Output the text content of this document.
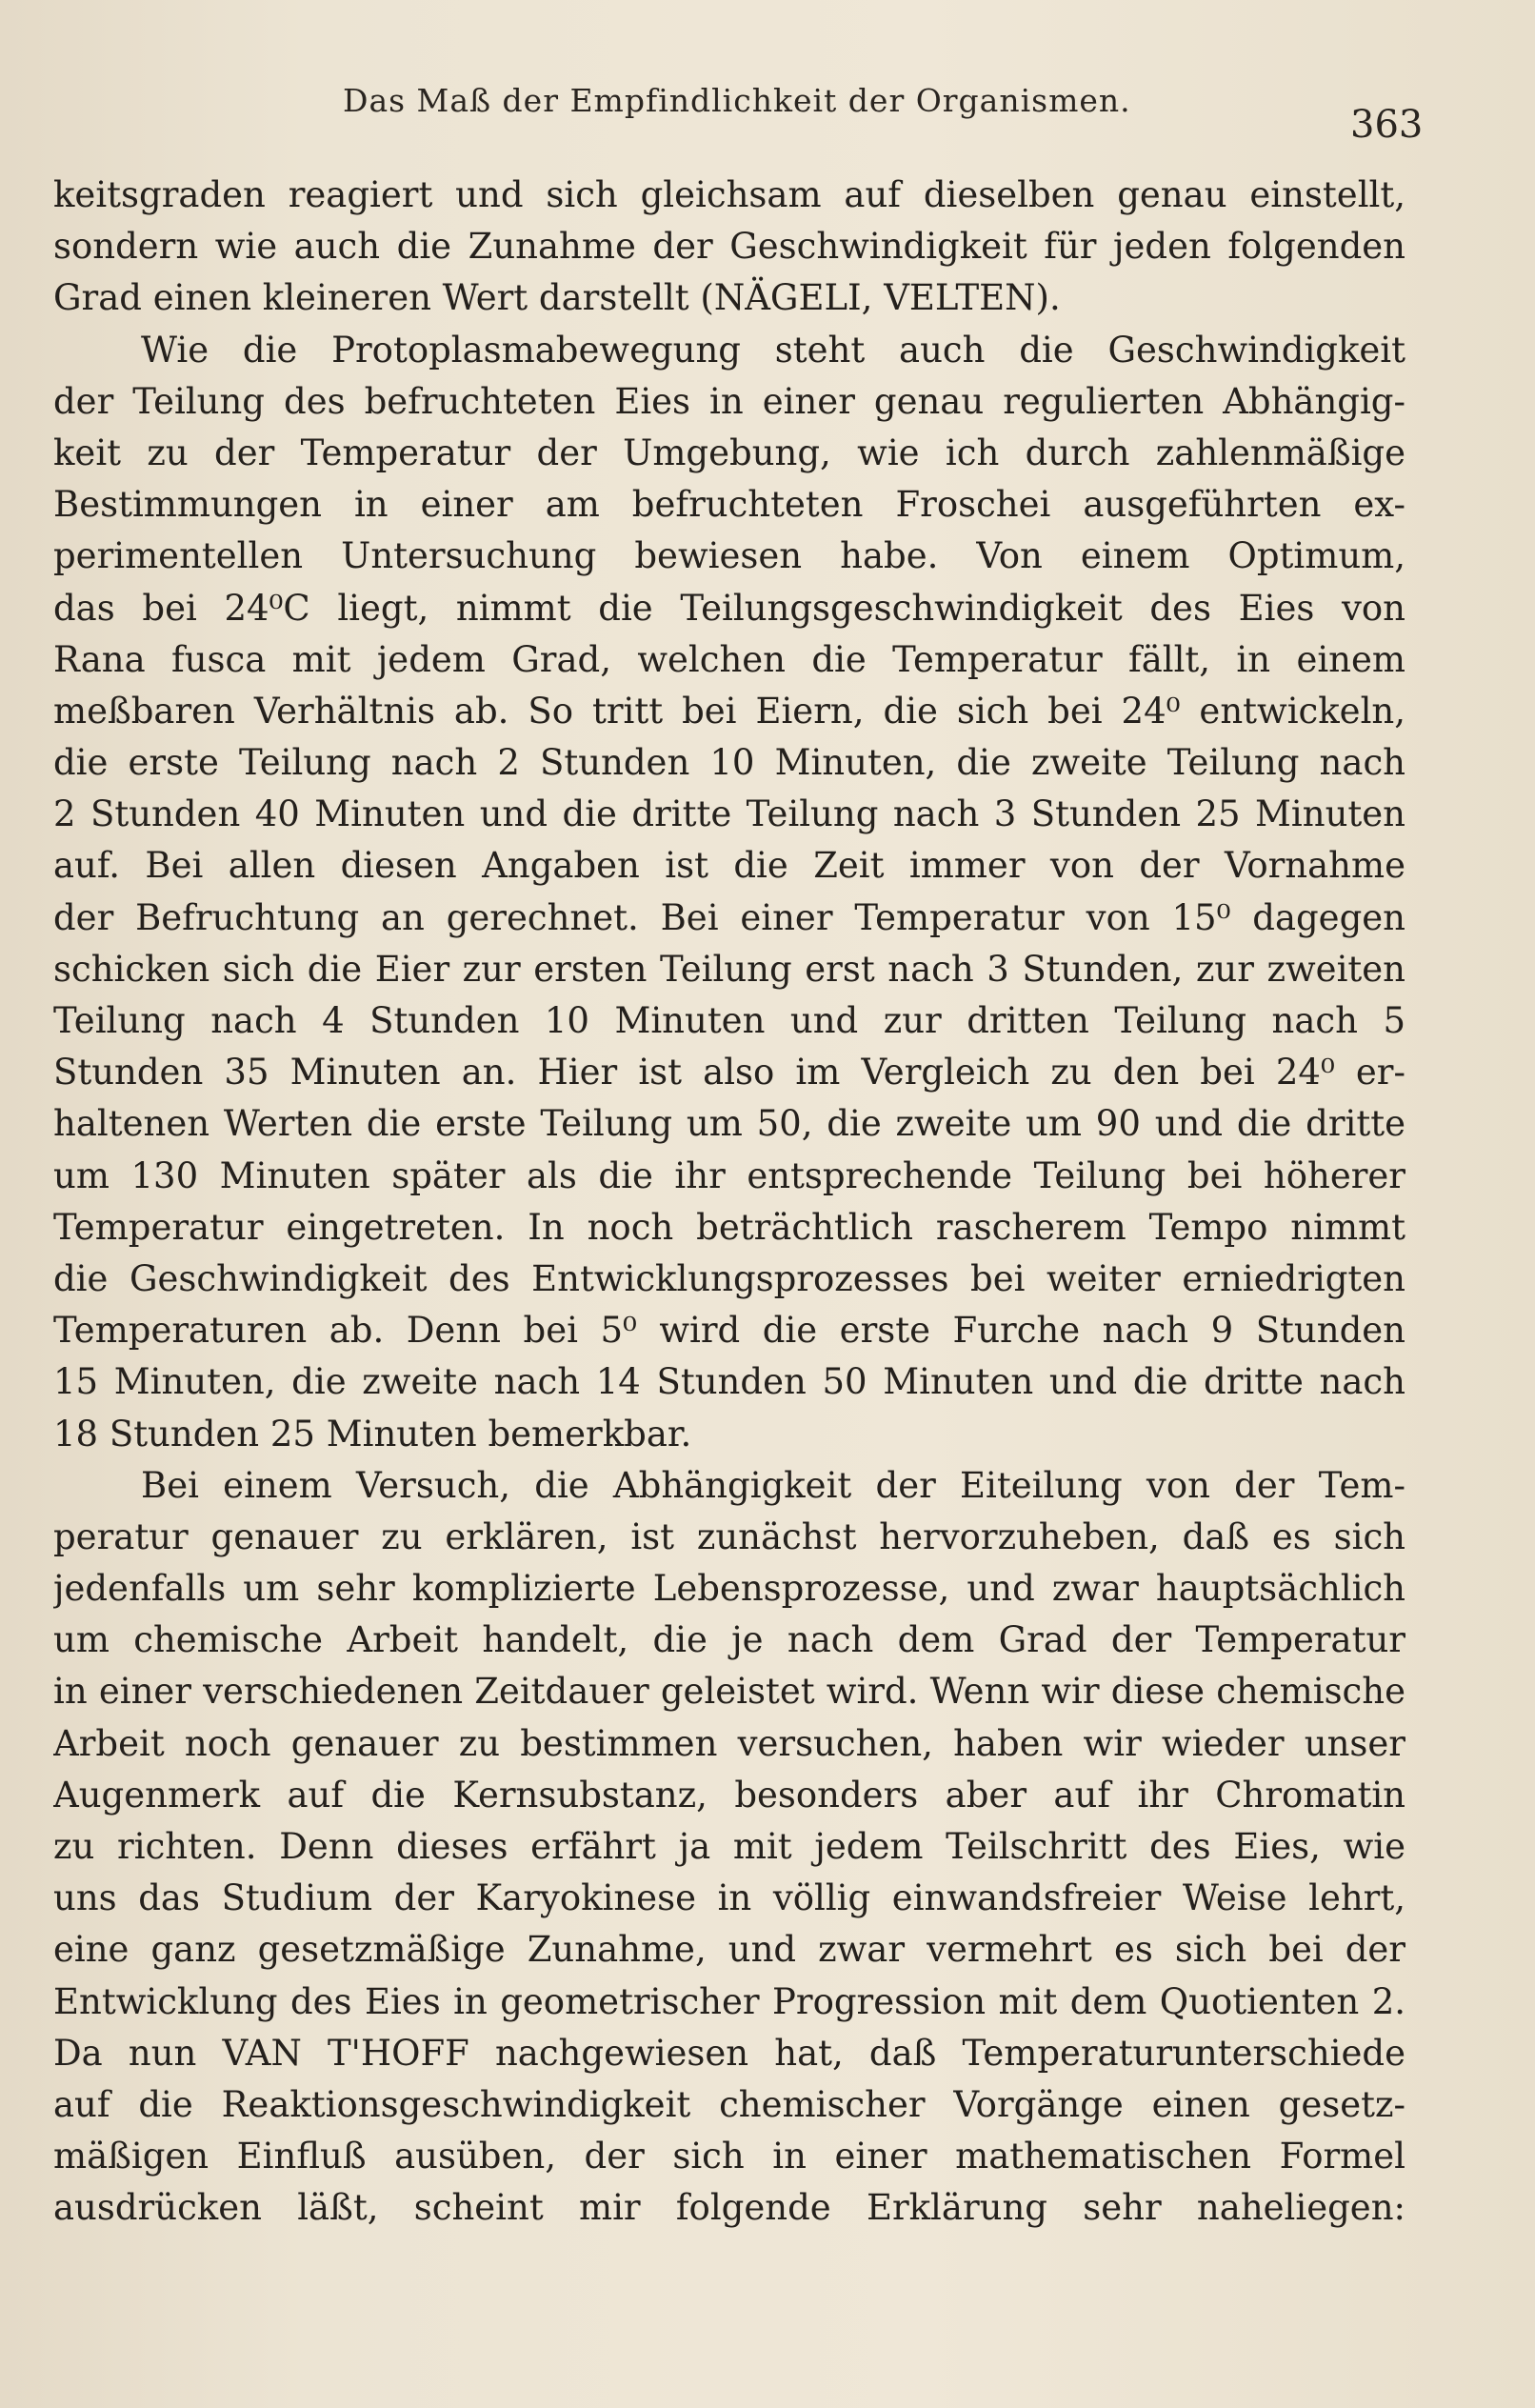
Das Maß der Empfindlichkeit der Organismen.
363
keitsgraden reagiert und sich gleichsam auf dieselben genau einstellt,
sondern wie auch die Zunahme der Geschwindigkeit für jeden folgenden
Grad einen kleineren Wert darstellt (NÄGELI, VELTEN).
Wie die Protoplasmabewegung steht auch die Geschwindigkeit
der Teilung des befruchteten Eies in einer genau regulierten Abhängig-
keit zu der Temperatur der Umgebung, wie ich durch zahlenmäßige
Bestimmungen in einer am befruchteten Froschei ausgeführten ex-
perimentellen Untersuchung bewiesen habe. Von einem Optimum,
das bei 24⁰C liegt, nimmt die Teilungsgeschwindigkeit des Eies von
Rana fusca mit jedem Grad, welchen die Temperatur fällt, in einem
meßbaren Verhältnis ab. So tritt bei Eiern, die sich bei 24⁰ entwickeln,
die erste Teilung nach 2 Stunden 10 Minuten, die zweite Teilung nach
2 Stunden 40 Minuten und die dritte Teilung nach 3 Stunden 25 Minuten
auf. Bei allen diesen Angaben ist die Zeit immer von der Vornahme
der Befruchtung an gerechnet. Bei einer Temperatur von 15⁰ dagegen
schicken sich die Eier zur ersten Teilung erst nach 3 Stunden, zur zweiten
Teilung nach 4 Stunden 10 Minuten und zur dritten Teilung nach 5
Stunden 35 Minuten an. Hier ist also im Vergleich zu den bei 24⁰ er-
haltenen Werten die erste Teilung um 50, die zweite um 90 und die dritte
um 130 Minuten später als die ihr entsprechende Teilung bei höherer
Temperatur eingetreten. In noch beträchtlich rascherem Tempo nimmt
die Geschwindigkeit des Entwicklungsprozesses bei weiter erniedrigten
Temperaturen ab. Denn bei 5⁰ wird die erste Furche nach 9 Stunden
15 Minuten, die zweite nach 14 Stunden 50 Minuten und die dritte nach
18 Stunden 25 Minuten bemerkbar.
Bei einem Versuch, die Abhängigkeit der Eiteilung von der Tem-
peratur genauer zu erklären, ist zunächst hervorzuheben, daß es sich
jedenfalls um sehr komplizierte Lebensprozesse, und zwar hauptsächlich
um chemische Arbeit handelt, die je nach dem Grad der Temperatur
in einer verschiedenen Zeitdauer geleistet wird. Wenn wir diese chemische
Arbeit noch genauer zu bestimmen versuchen, haben wir wieder unser
Augenmerk auf die Kernsubstanz, besonders aber auf ihr Chromatin
zu richten. Denn dieses erfährt ja mit jedem Teilschritt des Eies, wie
uns das Studium der Karyokinese in völlig einwandsfreier Weise lehrt,
eine ganz gesetzmäßige Zunahme, und zwar vermehrt es sich bei der
Entwicklung des Eies in geometrischer Progression mit dem Quotienten 2.
Da nun VAN T'HOFF nachgewiesen hat, daß Temperaturunterschiede
auf die Reaktionsgeschwindigkeit chemischer Vorgänge einen gesetz-
mäßigen Einfluß ausüben, der sich in einer mathematischen Formel
ausdrücken läßt, scheint mir folgende Erklärung sehr naheliegen:
